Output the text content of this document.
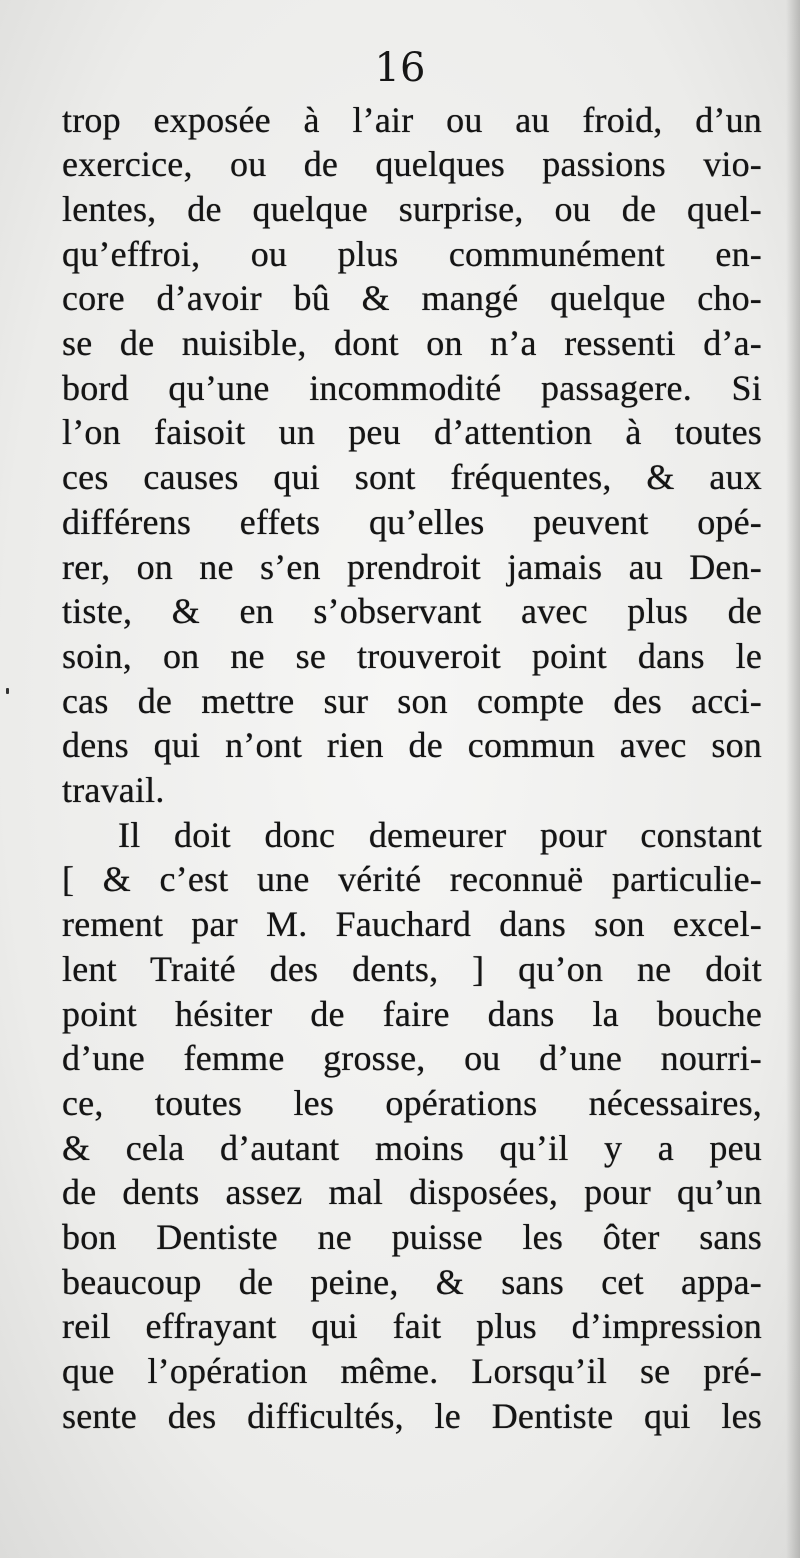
16
trop exposée à l’air ou au froid, d’un
exercice, ou de quelques passions vio-
lentes, de quelque surprise, ou de quel-
qu’effroi, ou plus communément en-
core d’avoir bû & mangé quelque cho-
se de nuisible, dont on n’a ressenti d’a-
bord qu’une incommodité passagere. Si
l’on faisoit un peu d’attention à toutes
ces causes qui sont fréquentes, & aux
différens effets qu’elles peuvent opé-
rer, on ne s’en prendroit jamais au Den-
tiste, & en s’observant avec plus de
soin, on ne se trouveroit point dans le
cas de mettre sur son compte des acci-
dens qui n’ont rien de commun avec son
travail.
Il doit donc demeurer pour constant
[ & c’est une vérité reconnuë particulie-
rement par M. Fauchard dans son excel-
lent Traité des dents, ] qu’on ne doit
point hésiter de faire dans la bouche
d’une femme grosse, ou d’une nourri-
ce, toutes les opérations nécessaires,
& cela d’autant moins qu’il y a peu
de dents assez mal disposées, pour qu’un
bon Dentiste ne puisse les ôter sans
beaucoup de peine, & sans cet appa-
reil effrayant qui fait plus d’impression
que l’opération même. Lorsqu’il se pré-
sente des difficultés, le Dentiste qui les
